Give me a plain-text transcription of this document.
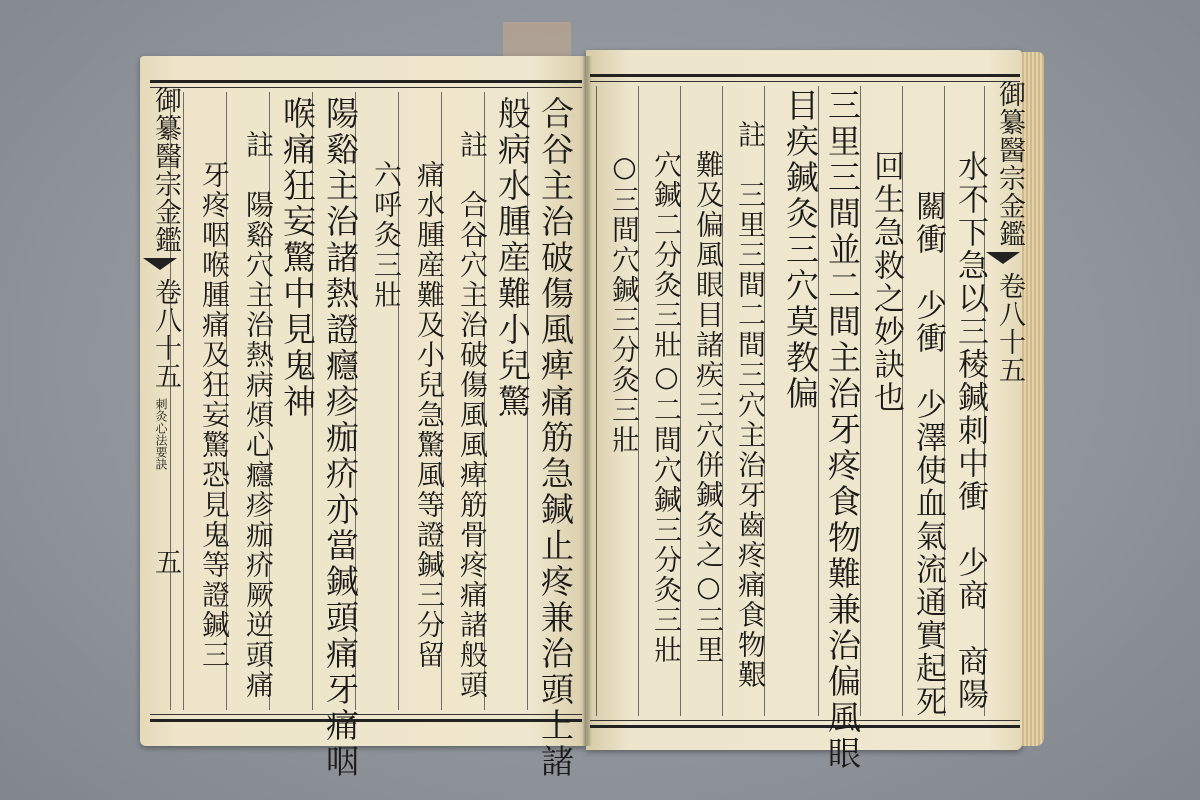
御纂醫宗金鑑
卷八十五
刺灸心法要訣
五	合谷主治破傷風痺痛筋急鍼止疼兼治頭上諸
般病水腫産難小兒驚
註　合谷穴主治破傷風風痺筋骨疼痛諸般頭
痛水腫産難及小兒急驚風等證鍼三分留
六呼灸三壯
陽谿主治諸熱證癮疹痂疥亦當鍼頭痛牙痛咽
喉痛狂妄驚中見鬼神
註　陽谿穴主治熱病煩心癮疹痂疥厥逆頭痛
牙疼咽喉腫痛及狂妄驚恐見鬼等證鍼三	御纂醫宗金鑑
卷八十五
水不下急以三稜鍼刺中衝　少商　商陽
關衝　少衝　少澤使血氣流通實起死
回生急救之妙訣也
三里三間並二間主治牙疼食物難兼治偏風眼
目疾鍼灸三穴莫教偏
註　三里三間二間三穴主治牙齒疼痛食物艱
難及偏風眼目諸疾三穴併鍼灸之○三里
穴鍼二分灸三壯○二間穴鍼三分灸三壯
○三間穴鍼三分灸三壯
